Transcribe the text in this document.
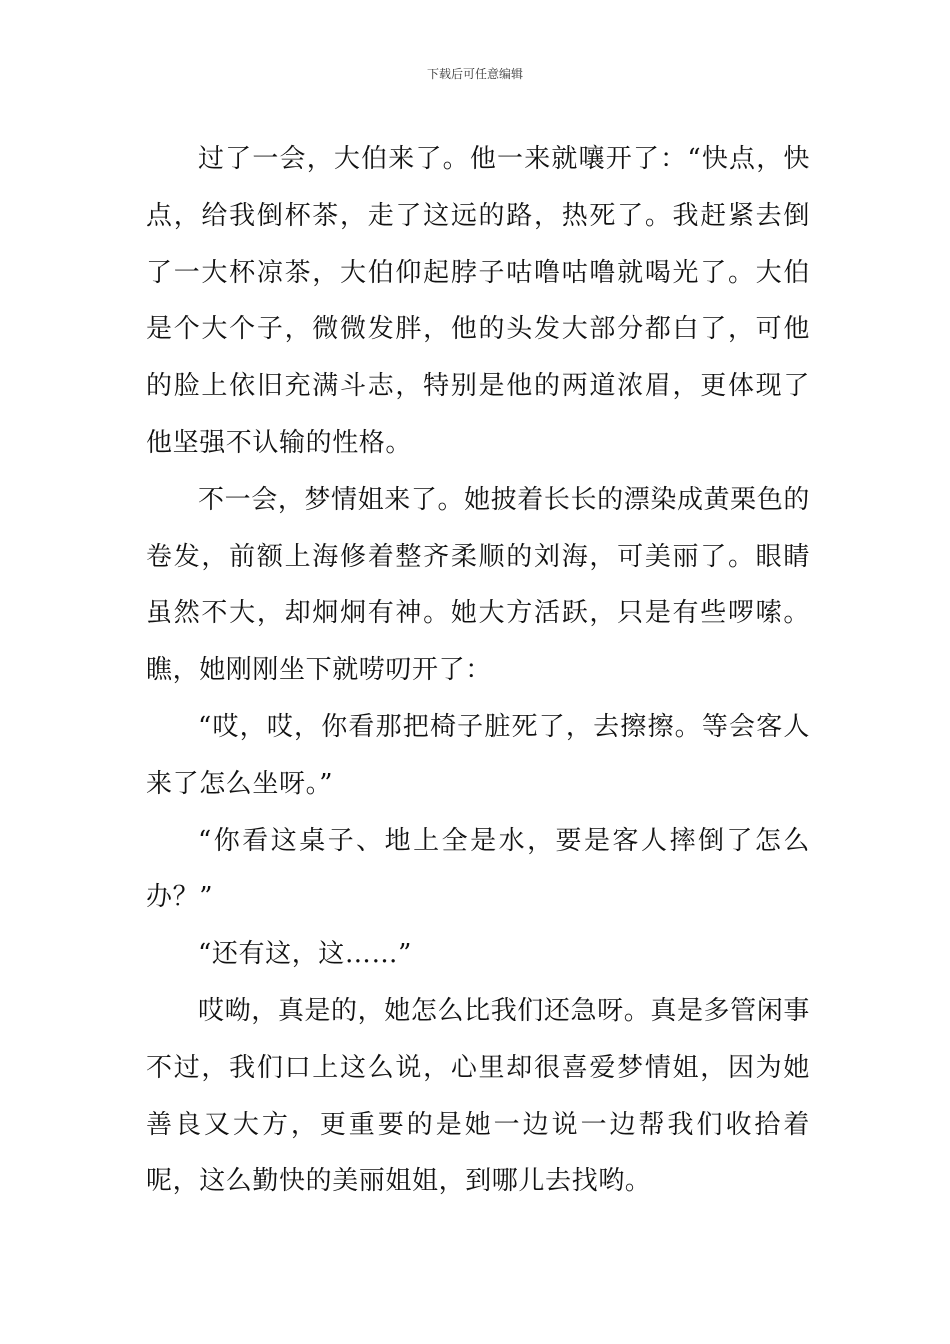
下载后可任意编辑

过了一会，大伯来了。他一来就嚷开了：“快点，快点，给我倒杯茶，走了这远的路，热死了。我赶紧去倒了一大杯凉茶，大伯仰起脖子咕噜咕噜就喝光了。大伯是个大个子，微微发胖，他的头发大部分都白了，可他的脸上依旧充满斗志，特别是他的两道浓眉，更体现了他坚强不认输的性格。

不一会，梦情姐来了。她披着长长的漂染成黄栗色的卷发，前额上海修着整齐柔顺的刘海，可美丽了。眼睛虽然不大，却炯炯有神。她大方活跃，只是有些啰嗦。瞧，她刚刚坐下就唠叨开了：

“哎，哎，你看那把椅子脏死了，去擦擦。等会客人来了怎么坐呀。”

“你看这桌子、地上全是水，要是客人摔倒了怎么办？”

“还有这，这……”

哎呦，真是的，她怎么比我们还急呀。真是多管闲事不过，我们口上这么说，心里却很喜爱梦情姐，因为她善良又大方，更重要的是她一边说一边帮我们收拾着呢，这么勤快的美丽姐姐，到哪儿去找哟。
